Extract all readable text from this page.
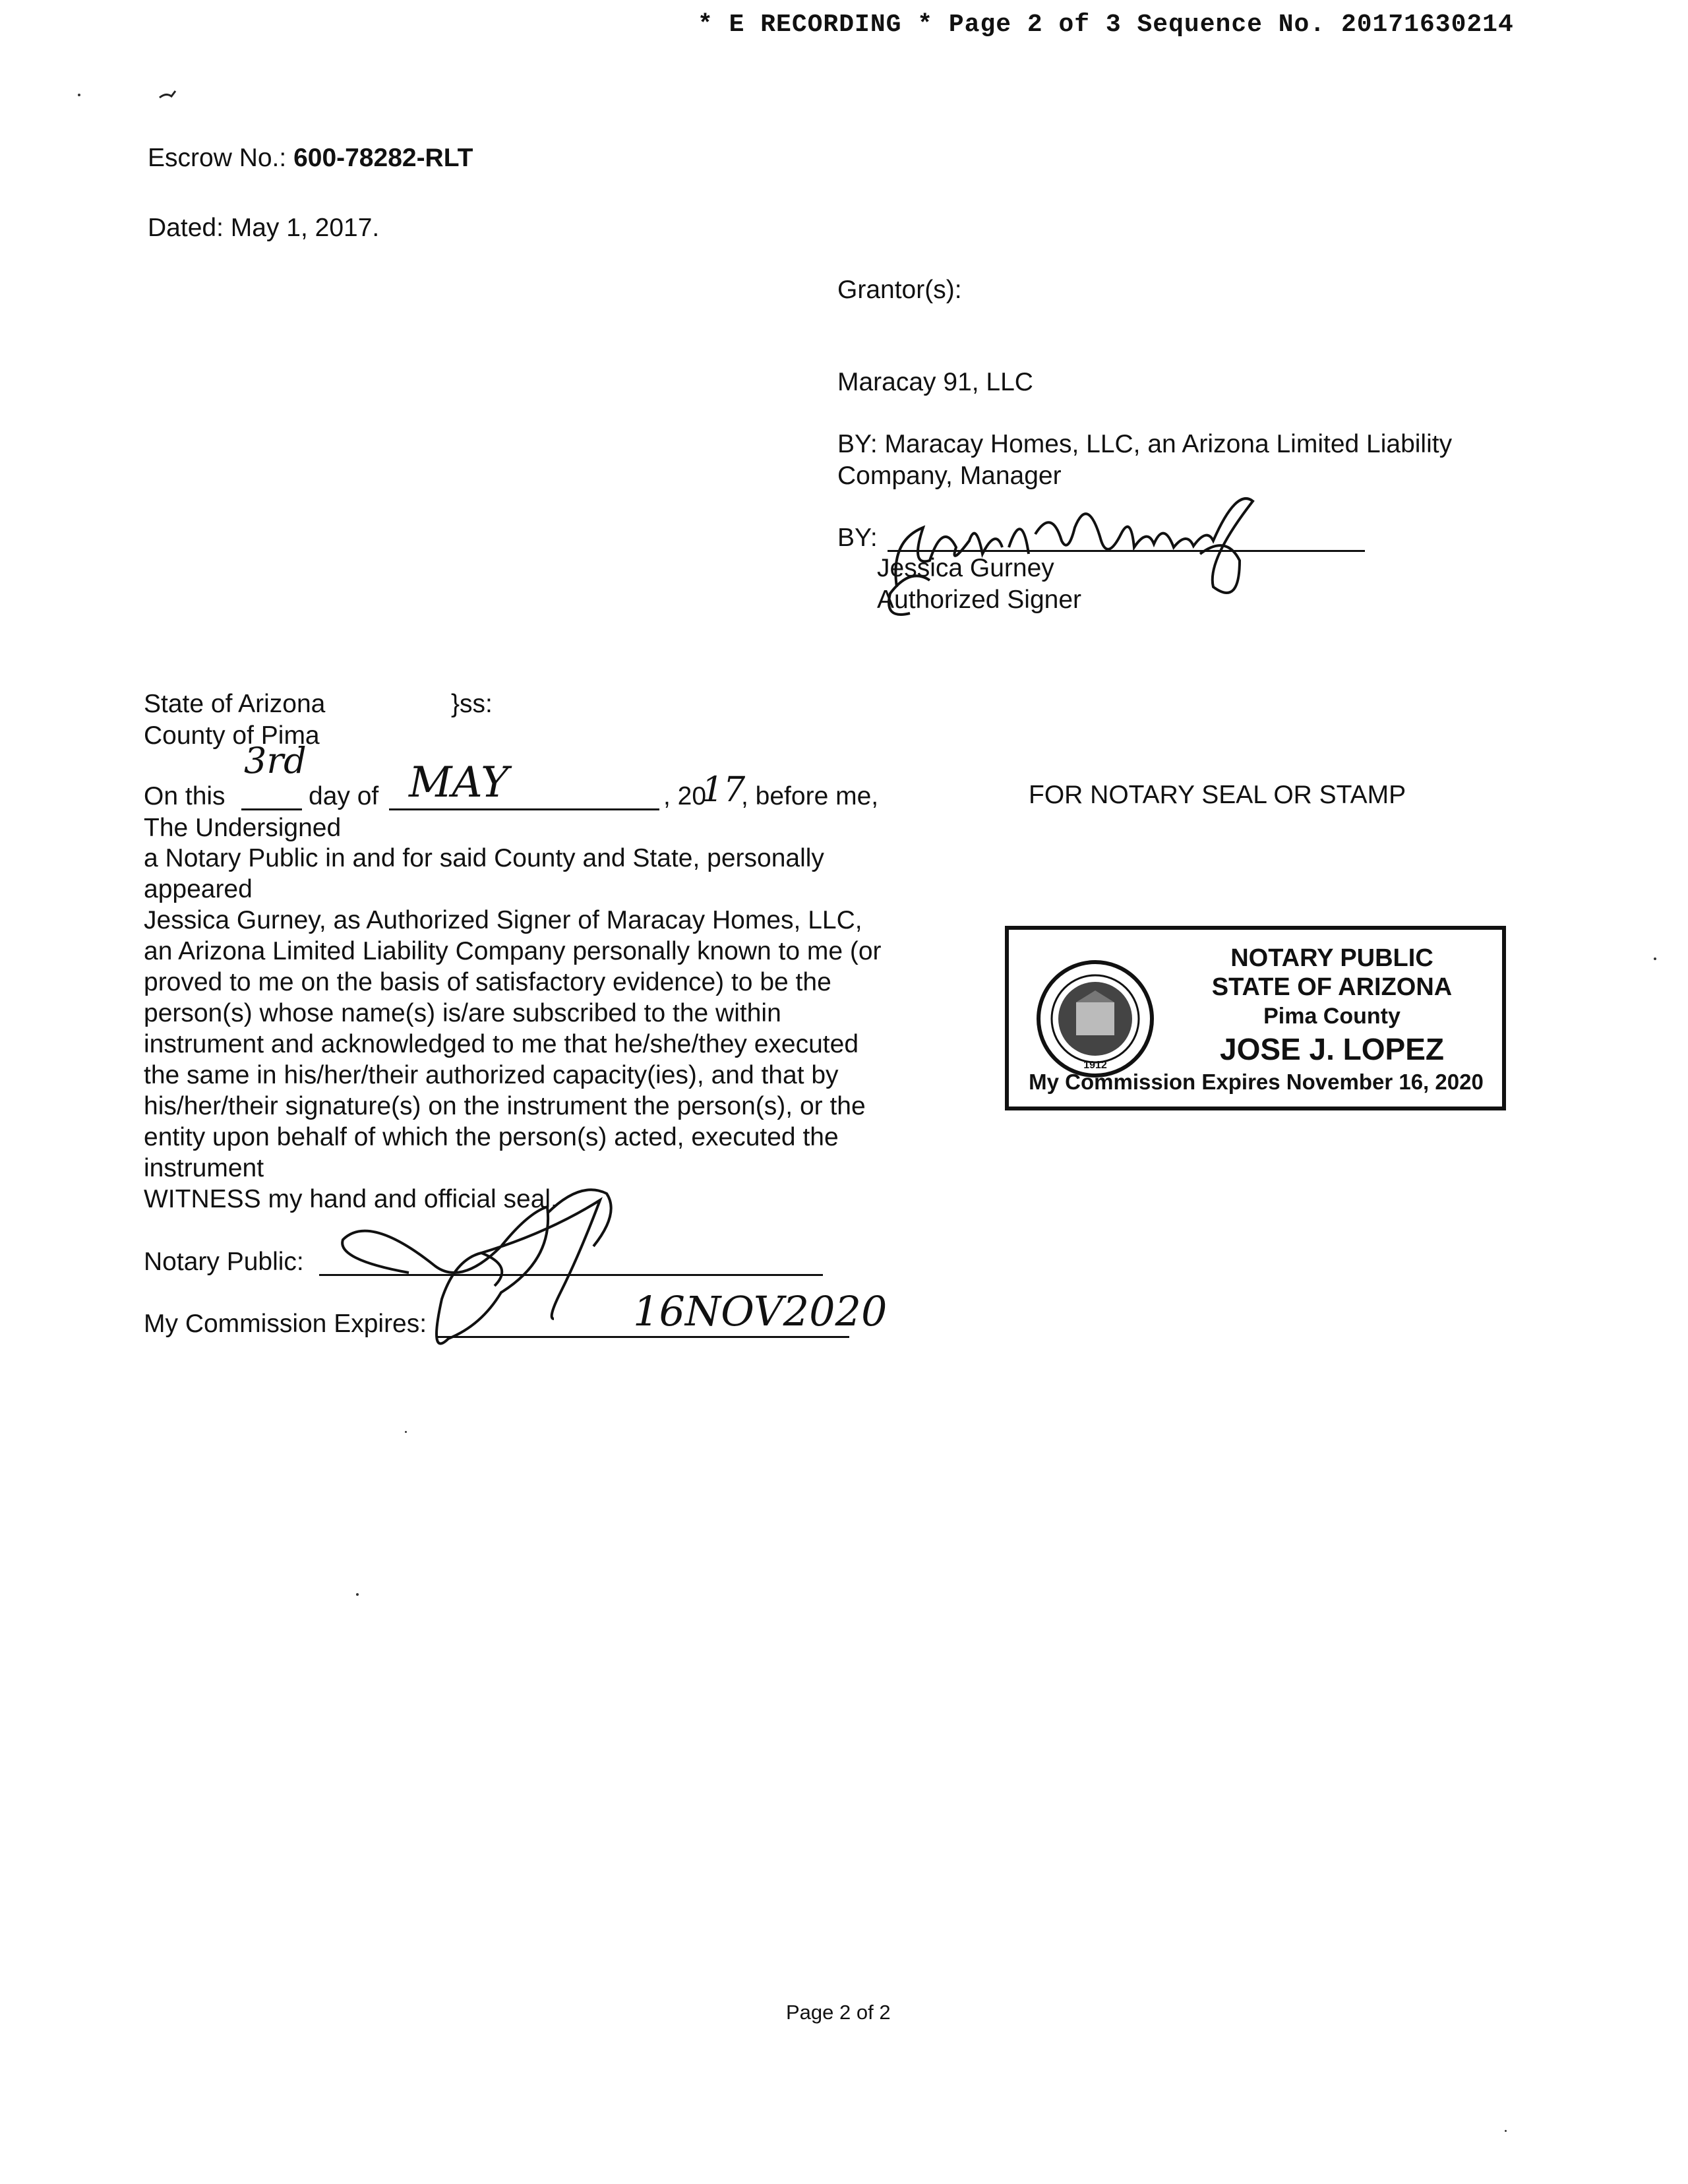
* E RECORDING * Page 2 of 3 Sequence No. 20171630214
Escrow No.: 600-78282-RLT
Dated: May 1, 2017.
Grantor(s):
Maracay 91, LLC
BY: Maracay Homes, LLC, an Arizona Limited Liability
Company, Manager
BY:
Jessica Gurney
Authorized Signer
State of Arizona	}ss:
County of Pima
On this
3rd
day of MAY	, 20
17
, before me,
The Undersigned
a Notary Public in and for said County and State, personally
appeared
Jessica Gurney, as Authorized Signer of Maracay Homes, LLC,
an Arizona Limited Liability Company personally known to me (or
proved to me on the basis of satisfactory evidence) to be the
person(s) whose name(s) is/are subscribed to the within
instrument and acknowledged to me that he/she/they executed
the same in his/her/their authorized capacity(ies), and that by
his/her/their signature(s) on the instrument the person(s), or the
entity upon behalf of which the person(s) acted, executed the
instrument
WITNESS my hand and official seal.
Notary Public:
My Commission Expires:	16NOV2020
FOR NOTARY SEAL OR STAMP
1912
NOTARY PUBLIC
STATE OF ARIZONA
Pima County
JOSE J. LOPEZ
My Commission Expires November 16, 2020
Page 2 of 2
